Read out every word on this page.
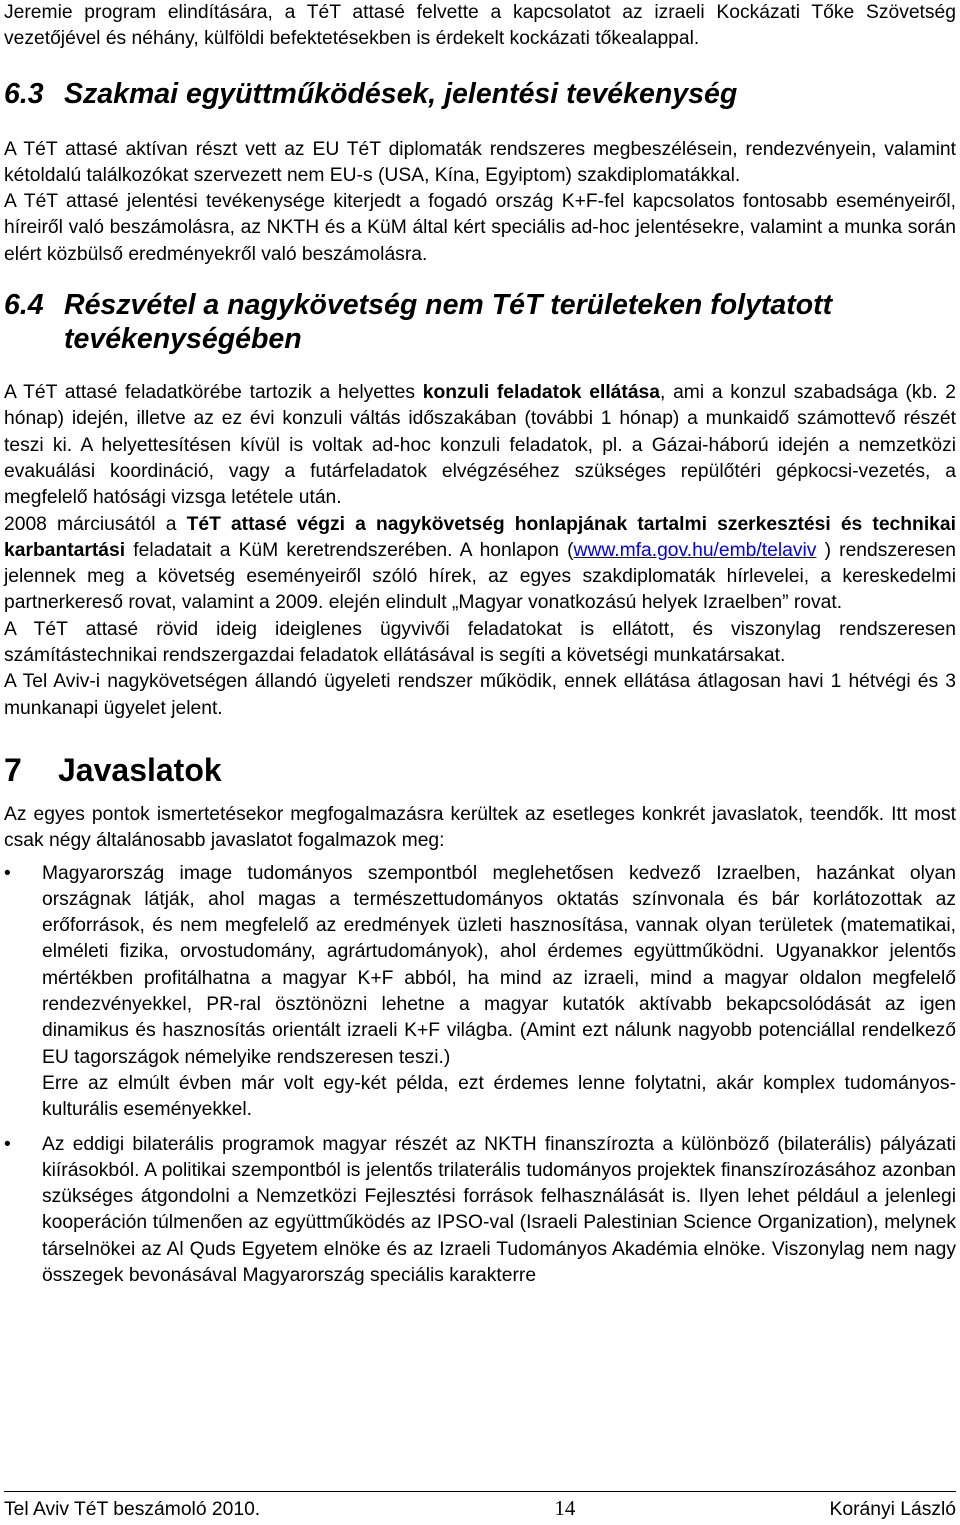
Jeremie program elindítására, a TéT attasé felvette a kapcsolatot az izraeli Kockázati Tőke Szövetség vezetőjével és néhány, külföldi befektetésekben is érdekelt kockázati tőkealappal.

6.3 Szakmai együttműködések, jelentési tevékenység

A TéT attasé aktívan részt vett az EU TéT diplomaták rendszeres megbeszélésein, rendezvényein, valamint kétoldalú találkozókat szervezett nem EU-s (USA, Kína, Egyiptom) szakdiplomatákkal.

A TéT attasé jelentési tevékenysége kiterjedt a fogadó ország K+F-fel kapcsolatos fontosabb eseményeiről, híreiről való beszámolásra, az NKTH és a KüM által kért speciális ad-hoc jelentésekre, valamint a munka során elért közbülső eredményekről való beszámolásra.

6.4 Részvétel a nagykövetség nem TéT területeken folytatott tevékenységében

A TéT attasé feladatkörébe tartozik a helyettes konzuli feladatok ellátása, ami a konzul szabadsága (kb. 2 hónap) idején, illetve az ez évi konzuli váltás időszakában (további 1 hónap) a munkaidő számottevő részét teszi ki. A helyettesítésen kívül is voltak ad-hoc konzuli feladatok, pl. a Gázai-háború idején a nemzetközi evakuálási koordináció, vagy a futárfeladatok elvégzéséhez szükséges repülőtéri gépkocsi-vezetés, a megfelelő hatósági vizsga letétele után.

2008 márciusától a TéT attasé végzi a nagykövetség honlapjának tartalmi szerkesztési és technikai karbantartási feladatait a KüM keretrendszerében. A honlapon (www.mfa.gov.hu/emb/telaviv ) rendszeresen jelennek meg a követség eseményeiről szóló hírek, az egyes szakdiplomaták hírlevelei, a kereskedelmi partnerkereső rovat, valamint a 2009. elején elindult „Magyar vonatkozású helyek Izraelben” rovat.

A TéT attasé rövid ideig ideiglenes ügyvivői feladatokat is ellátott, és viszonylag rendszeresen számítástechnikai rendszergazdai feladatok ellátásával is segíti a követségi munkatársakat.

A Tel Aviv-i nagykövetségen állandó ügyeleti rendszer működik, ennek ellátása átlagosan havi 1 hétvégi és 3 munkanapi ügyelet jelent.

7	Javaslatok

Az egyes pontok ismertetésekor megfogalmazásra kerültek az esetleges konkrét javaslatok, teendők. Itt most csak négy általánosabb javaslatot fogalmazok meg:

• Magyarország image tudományos szempontból meglehetősen kedvező Izraelben, hazánkat olyan országnak látják, ahol magas a természettudományos oktatás színvonala és bár korlátozottak az erőforrások, és nem megfelelő az eredmények üzleti hasznosítása, vannak olyan területek (matematikai, elméleti fizika, orvostudomány, agrártudományok), ahol érdemes együttműködni. Ugyanakkor jelentős mértékben profitálhatna a magyar K+F abból, ha mind az izraeli, mind a magyar oldalon megfelelő rendezvényekkel, PR-ral ösztönözni lehetne a magyar kutatók aktívabb bekapcsolódását az igen dinamikus és hasznosítás orientált izraeli K+F világba. (Amint ezt nálunk nagyobb potenciállal rendelkező EU tagországok némelyike rendszeresen teszi.)

Erre az elmúlt évben már volt egy-két példa, ezt érdemes lenne folytatni, akár komplex tudományos-kulturális eseményekkel.

• Az eddigi bilaterális programok magyar részét az NKTH finanszírozta a különböző (bilaterális) pályázati kiírásokból. A politikai szempontból is jelentős trilaterális tudományos projektek finanszírozásához azonban szükséges átgondolni a Nemzetközi Fejlesztési források felhasználását is. Ilyen lehet például a jelenlegi kooperáción túlmenően az együttműködés az IPSO-val (Israeli Palestinian Science Organization), melynek társelnökei az Al Quds Egyetem elnöke és az Izraeli Tudományos Akadémia elnöke. Viszonylag nem nagy összegek bevonásával Magyarország speciális karakterre

Tel Aviv TéT beszámoló 2010.	14	Korányi László
